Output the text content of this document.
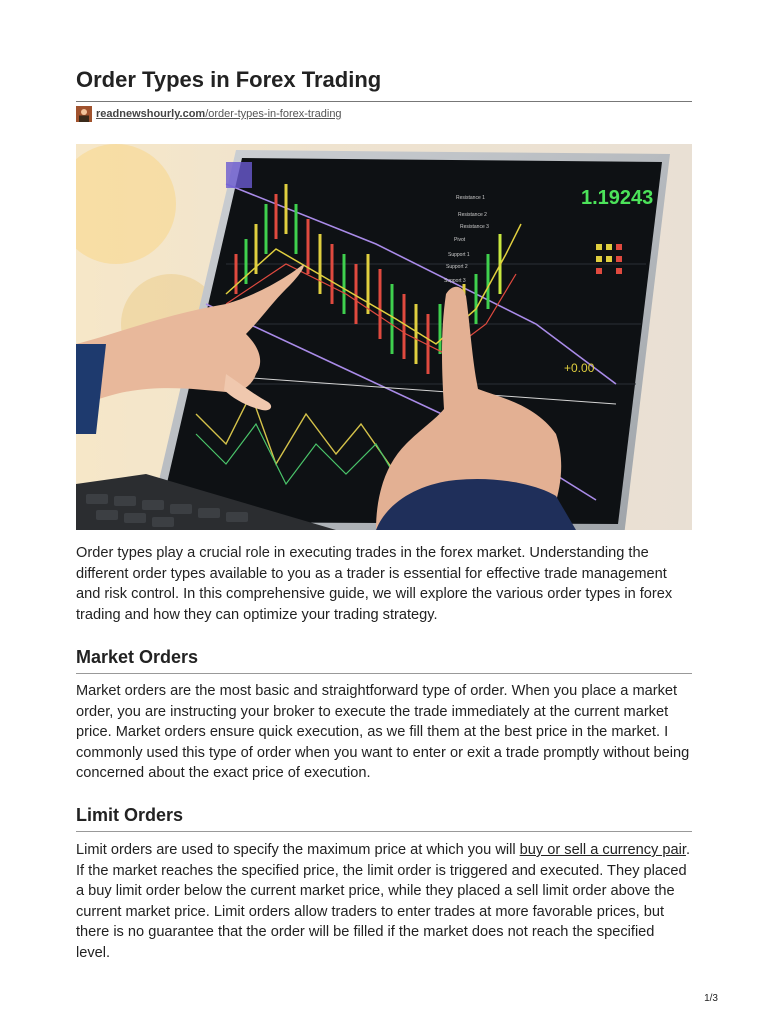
Order Types in Forex Trading
readnewshourly.com/order-types-in-forex-trading
1.19243
+0.00
Resistance 1
Resistance 2
Resistance 3
Pivot
Support 1
Support 2
Support 3

Order types play a crucial role in executing trades in the forex market. Understanding the different order types available to you as a trader is essential for effective trade management and risk control. In this comprehensive guide, we will explore the various order types in forex trading and how they can optimize your trading strategy.

Market Orders

Market orders are the most basic and straightforward type of order. When you place a market order, you are instructing your broker to execute the trade immediately at the current market price. Market orders ensure quick execution, as we fill them at the best price in the market. I commonly used this type of order when you want to enter or exit a trade promptly without being concerned about the exact price of execution.

Limit Orders

Limit orders are used to specify the maximum price at which you will buy or sell a currency pair. If the market reaches the specified price, the limit order is triggered and executed. They placed a buy limit order below the current market price, while they placed a sell limit order above the current market price. Limit orders allow traders to enter trades at more favorable prices, but there is no guarantee that the order will be filled if the market does not reach the specified level.

1/3
